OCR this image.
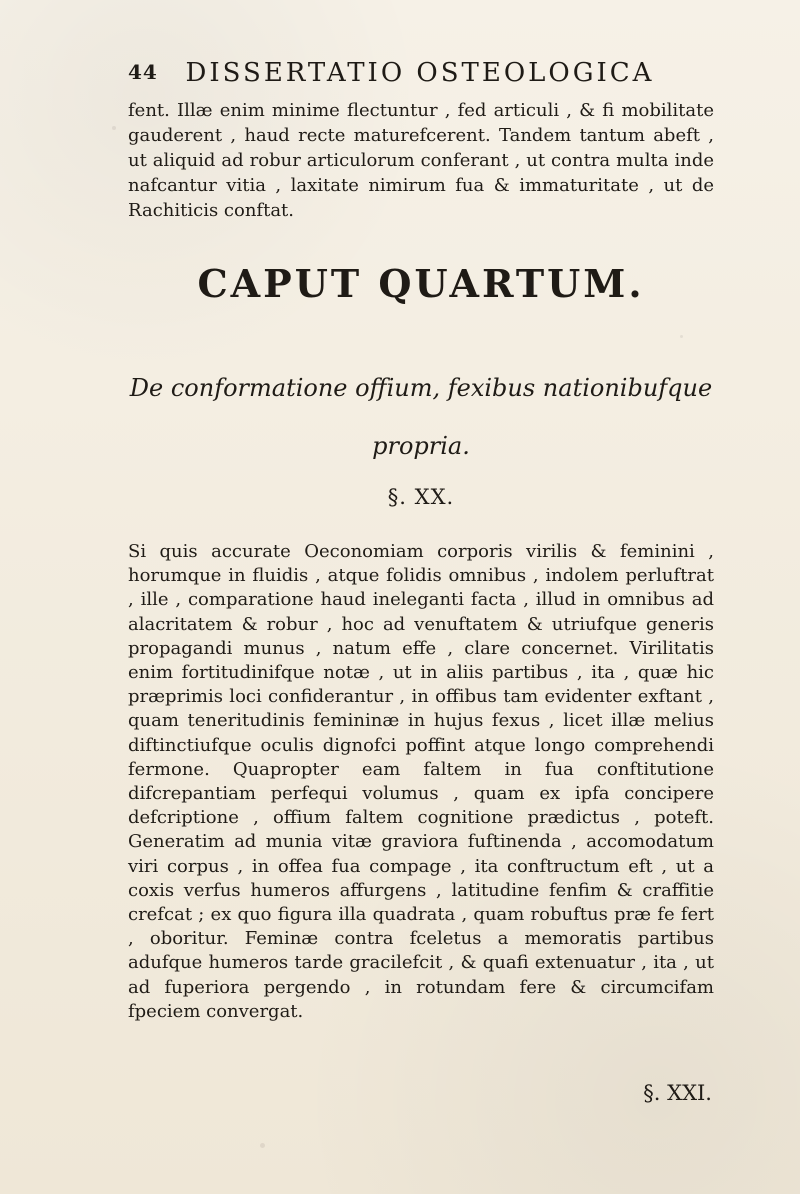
44	DISSERTATIO OSTEOLOGICA

fent. Illæ enim minime flectuntur , fed articuli , & fi mobilitate gauderent , haud recte maturefcerent. Tandem tantum abeft , ut aliquid ad robur articulorum conferant , ut contra multa inde nafcantur vitia , laxitate nimirum fua & immaturitate , ut de Rachiticis conftat.

CAPUT QUARTUM.
De conformatione offium, fexibus nationibufque
propria.
§. XX.

Si quis accurate Oeconomiam corporis virilis & feminini , horumque in fluidis , atque folidis omnibus , indolem perluftrat , ille , comparatione haud ineleganti facta , illud in omnibus ad alacritatem & robur , hoc ad venuftatem & utriufque generis propagandi munus , natum effe , clare concernet. Virilitatis enim fortitudinifque notæ , ut in aliis partibus , ita , quæ hic præprimis loci confiderantur , in offibus tam evidenter exftant , quam teneritudinis femininæ in hujus fexus , licet illæ melius diftinctiufque oculis dignofci poffint atque longo comprehendi fermone. Quapropter eam faltem in fua conftitutione difcrepantiam perfequi volumus , quam ex ipfa concipere defcriptione , offium faltem cognitione prædictus , poteft. Generatim ad munia vitæ graviora fuftinenda , accomodatum viri corpus , in offea fua compage , ita conftructum eft , ut a coxis verfus humeros affurgens , latitudine fenfim & craffitie crefcat ; ex quo figura illa quadrata , quam robuftus præ fe fert , oboritur. Feminæ contra fceletus a memoratis partibus adufque humeros tarde gracilefcit , & quafi extenuatur , ita , ut ad fuperiora pergendo , in rotundam fere & circumcifam fpeciem convergat.

§. XXI.
